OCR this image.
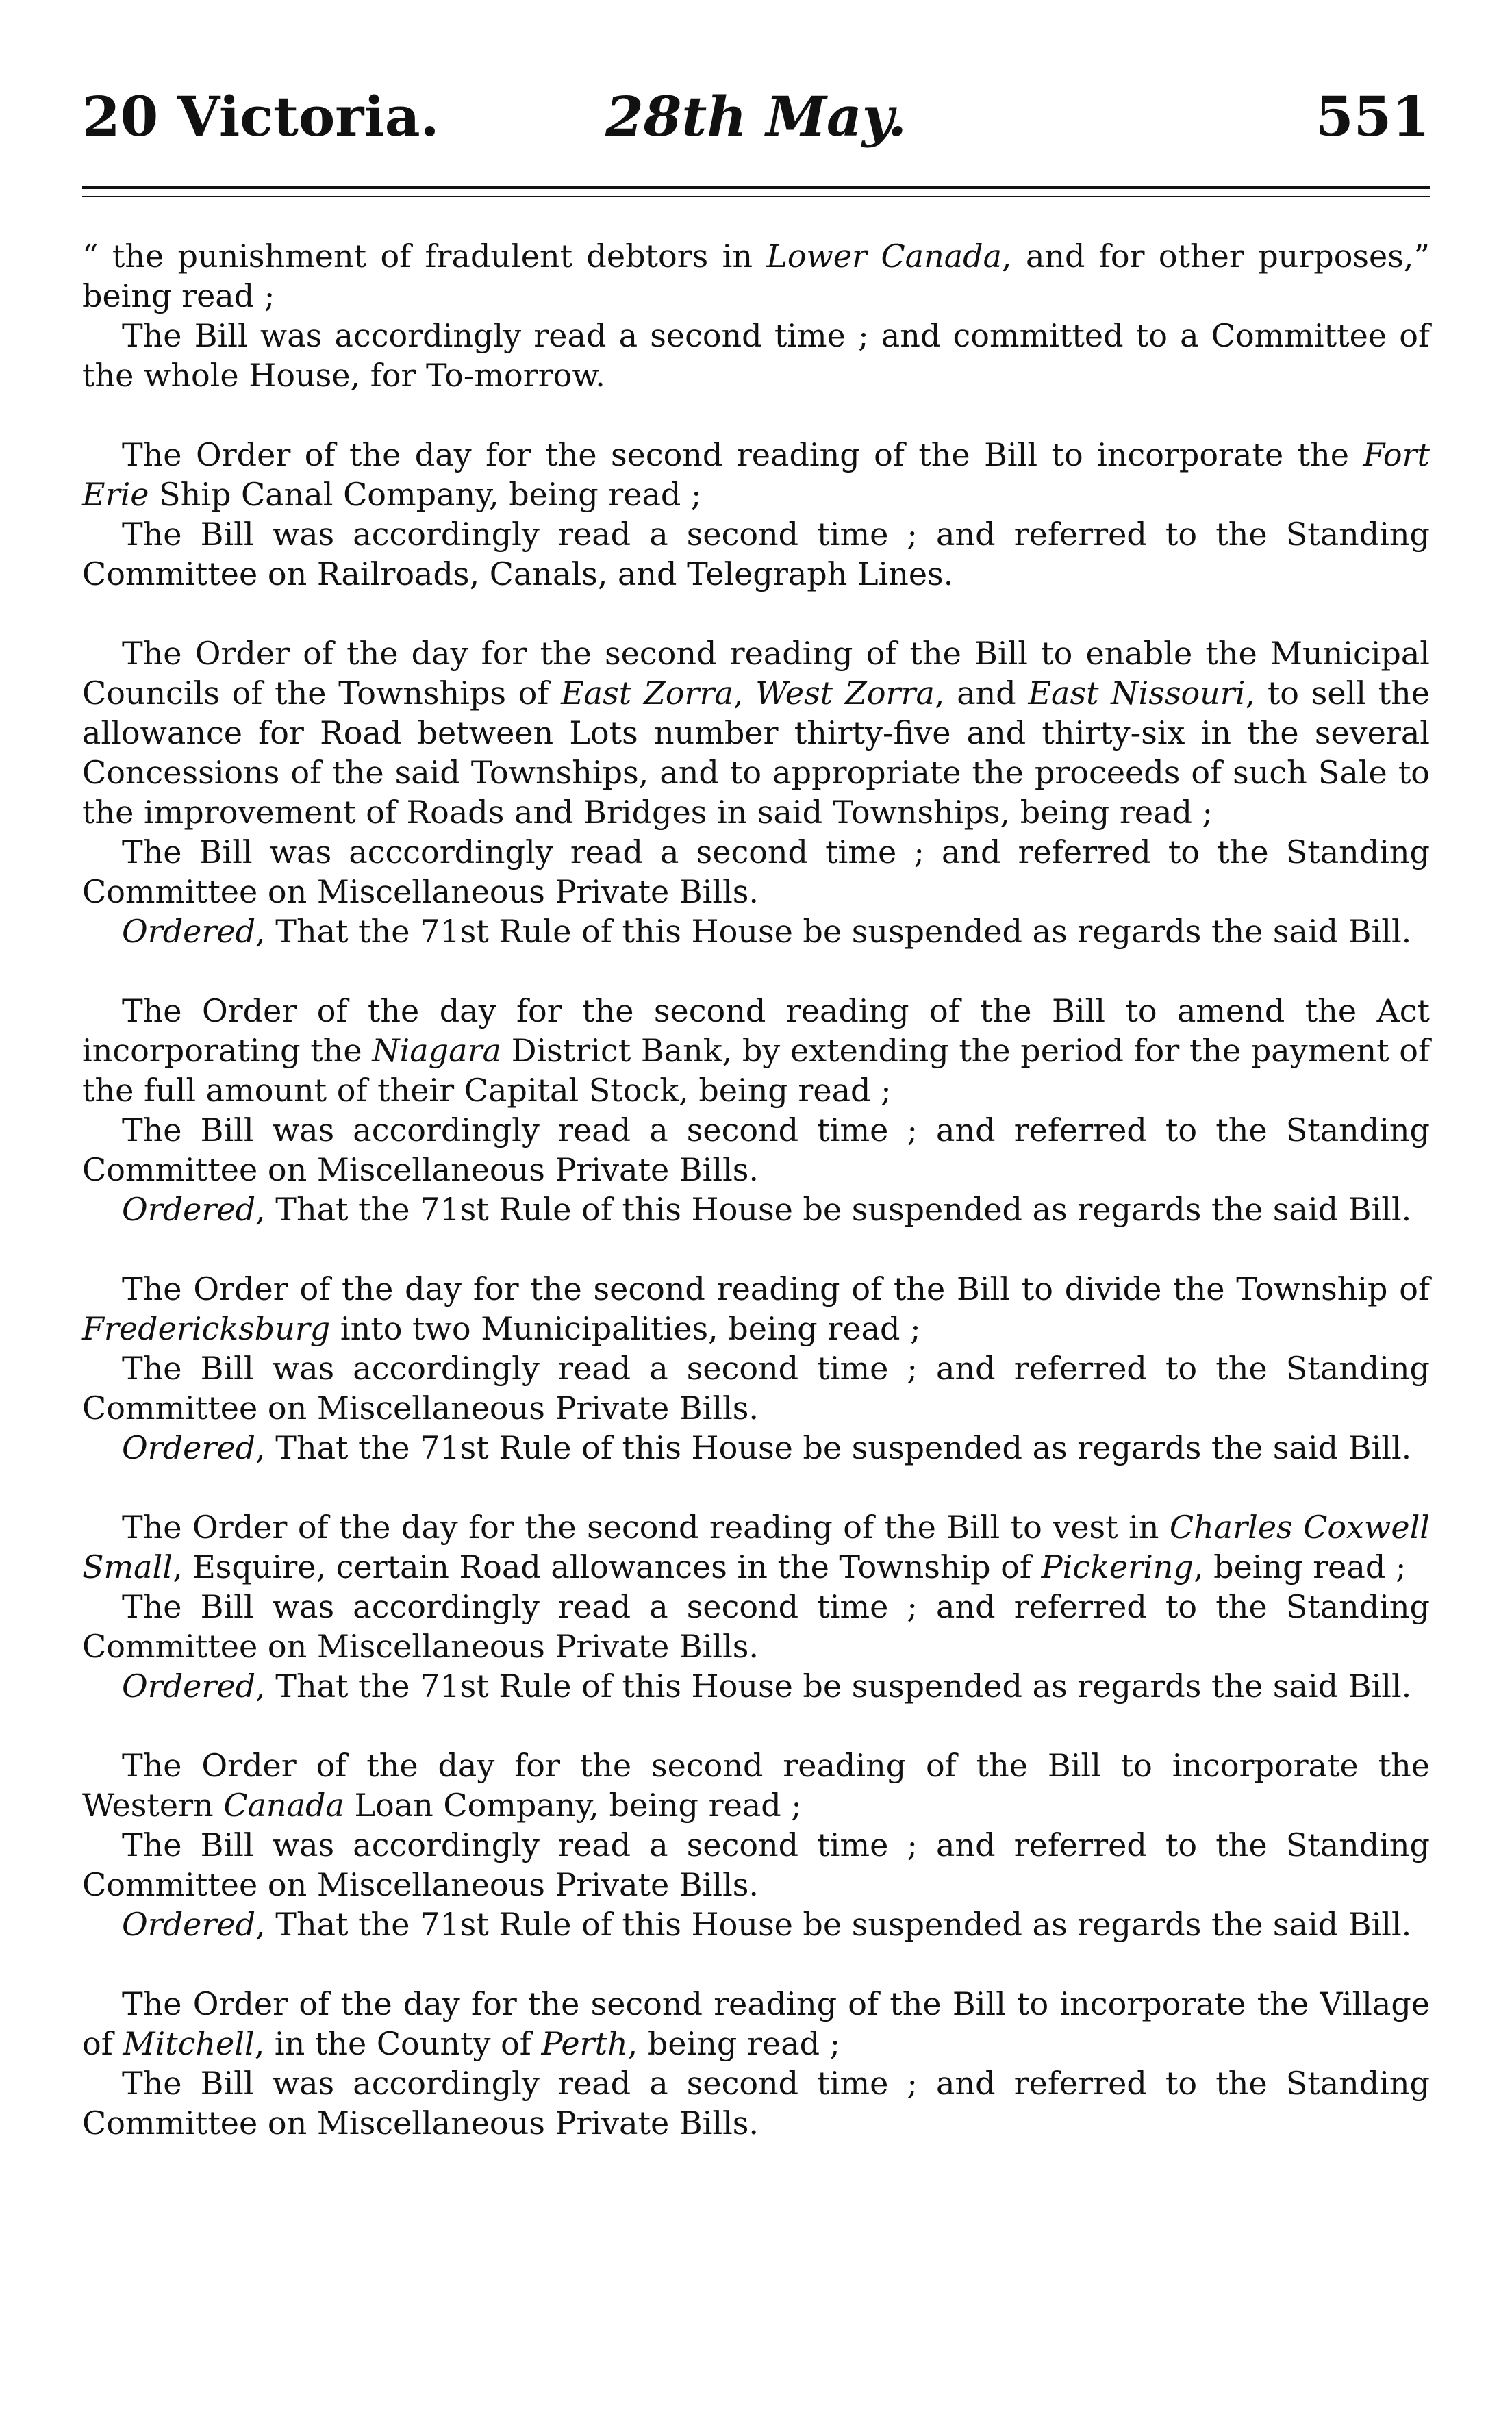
20 Victoria.	28th May.	551

“ the punishment of fradulent debtors in Lower Canada, and for other purposes,” being read ;

The Bill was accordingly read a second time ; and committed to a Committee of the whole House, for To-morrow.

The Order of the day for the second reading of the Bill to incorporate the Fort Erie Ship Canal Company, being read ;

The Bill was accordingly read a second time ; and referred to the Standing Committee on Railroads, Canals, and Telegraph Lines.

The Order of the day for the second reading of the Bill to enable the Municipal Councils of the Townships of East Zorra, West Zorra, and East Nissouri, to sell the allowance for Road between Lots number thirty-five and thirty-six in the several Concessions of the said Townships, and to appropriate the proceeds of such Sale to the improvement of Roads and Bridges in said Townships, being read ;

The Bill was acccordingly read a second time ; and referred to the Standing Committee on Miscellaneous Private Bills.

Ordered, That the 71st Rule of this House be suspended as regards the said Bill.

The Order of the day for the second reading of the Bill to amend the Act incorporating the Niagara District Bank, by extending the period for the payment of the full amount of their Capital Stock, being read ;

The Bill was accordingly read a second time ; and referred to the Standing Committee on Miscellaneous Private Bills.

Ordered, That the 71st Rule of this House be suspended as regards the said Bill.

The Order of the day for the second reading of the Bill to divide the Township of Fredericksburg into two Municipalities, being read ;

The Bill was accordingly read a second time ; and referred to the Standing Committee on Miscellaneous Private Bills.

Ordered, That the 71st Rule of this House be suspended as regards the said Bill.

The Order of the day for the second reading of the Bill to vest in Charles Coxwell Small, Esquire, certain Road allowances in the Township of Pickering, being read ;

The Bill was accordingly read a second time ; and referred to the Standing Committee on Miscellaneous Private Bills.

Ordered, That the 71st Rule of this House be suspended as regards the said Bill.

The Order of the day for the second reading of the Bill to incorporate the Western Canada Loan Company, being read ;

The Bill was accordingly read a second time ; and referred to the Standing Committee on Miscellaneous Private Bills.

Ordered, That the 71st Rule of this House be suspended as regards the said Bill.

The Order of the day for the second reading of the Bill to incorporate the Village of Mitchell, in the County of Perth, being read ;

The Bill was accordingly read a second time ; and referred to the Standing Committee on Miscellaneous Private Bills.
